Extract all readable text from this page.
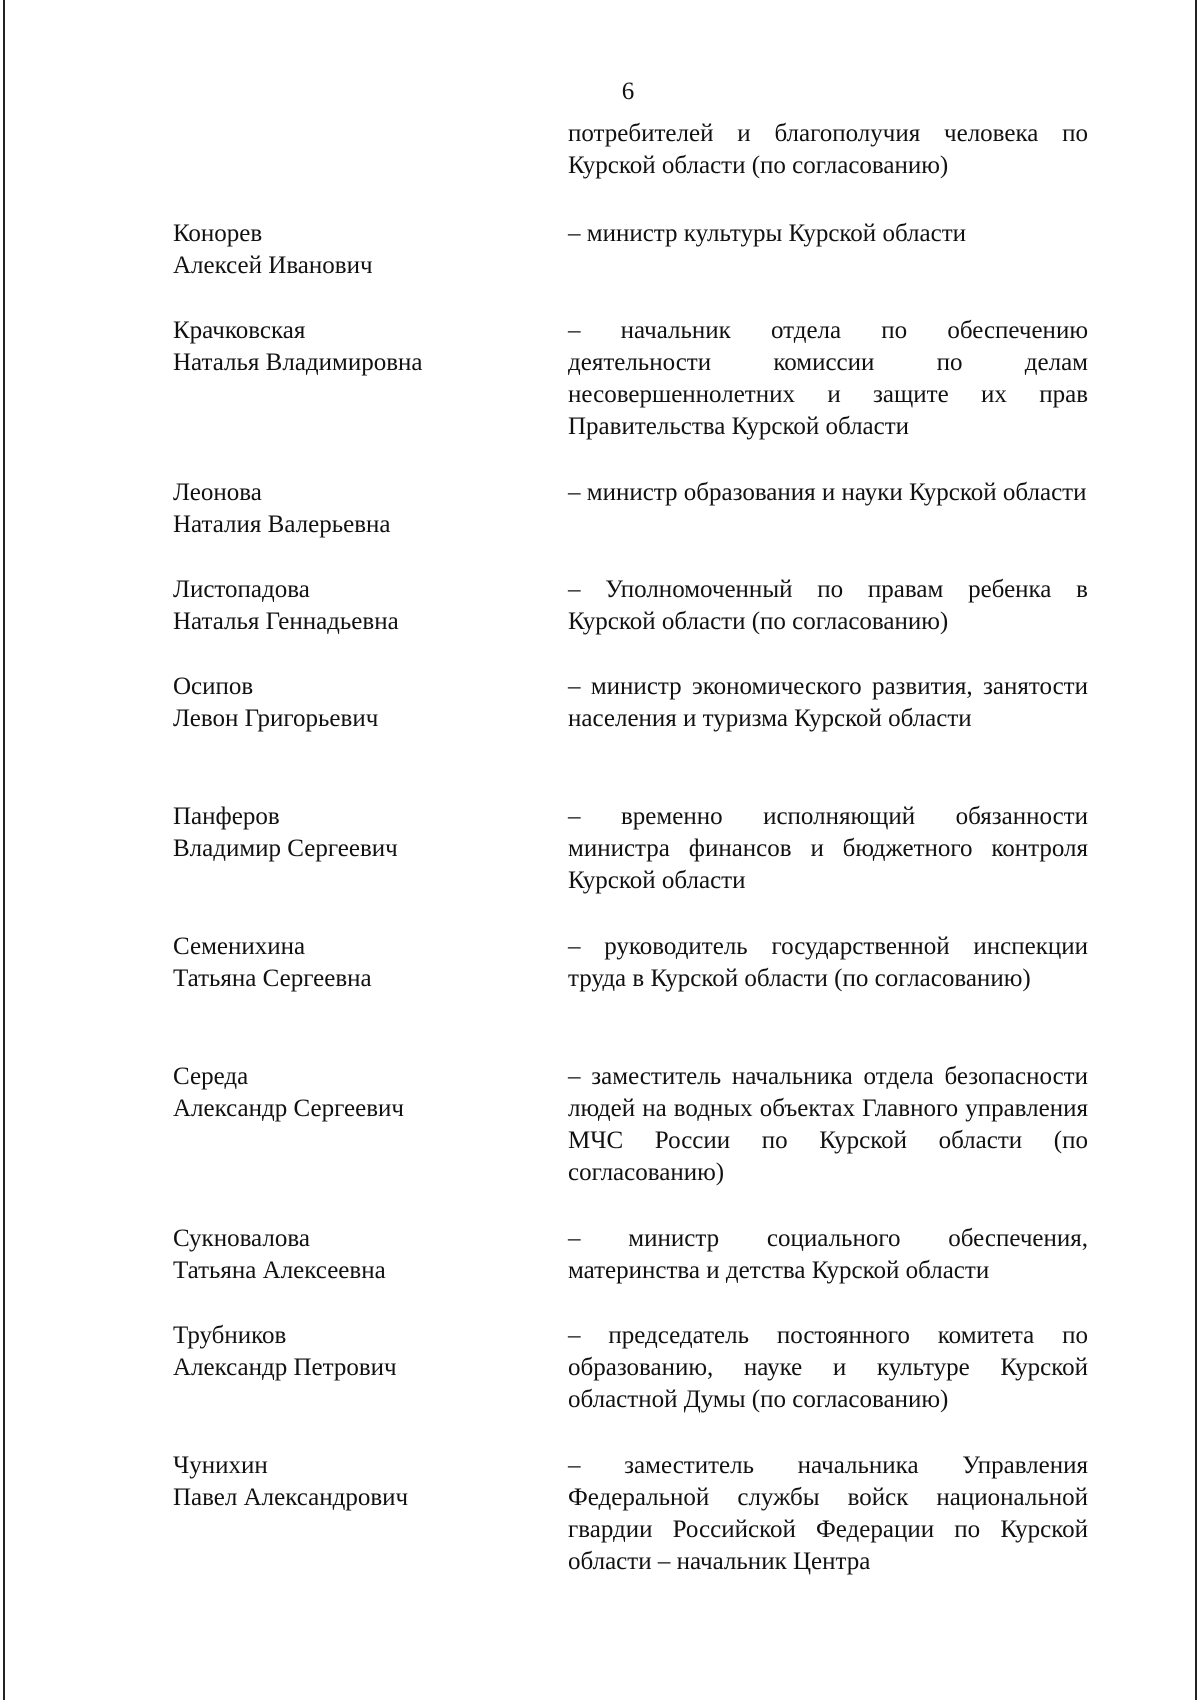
6

потребителей и благополучия человека по Курской области (по согласованию)

Конорев
Алексей Иванович

– министр культуры Курской области

Крачковская
Наталья Владимировна

– начальник отдела по обеспечению деятельности комиссии по делам несовершеннолетних и защите их прав Правительства Курской области

Леонова
Наталия Валерьевна

– министр образования и науки Курской области

Листопадова
Наталья Геннадьевна

– Уполномоченный по правам ребенка в Курской области (по согласованию)

Осипов
Левон Григорьевич

– министр экономического развития, занятости населения и туризма Курской области

Панферов
Владимир Сергеевич

– временно исполняющий обязанности министра финансов и бюджетного контроля Курской области

Семенихина
Татьяна Сергеевна

– руководитель государственной инспекции труда в Курской области (по согласованию)

Середа
Александр Сергеевич

– заместитель начальника отдела безопасности людей на водных объектах Главного управления МЧС России по Курской области (по согласованию)

Сукновалова
Татьяна Алексеевна

– министр социального обеспечения, материнства и детства Курской области

Трубников
Александр Петрович

– председатель постоянного комитета по образованию, науке и культуре Курской областной Думы (по согласованию)

Чунихин
Павел Александрович

– заместитель начальника Управления Федеральной службы войск национальной гвардии Российской Федерации по Курской области – начальник Центра
